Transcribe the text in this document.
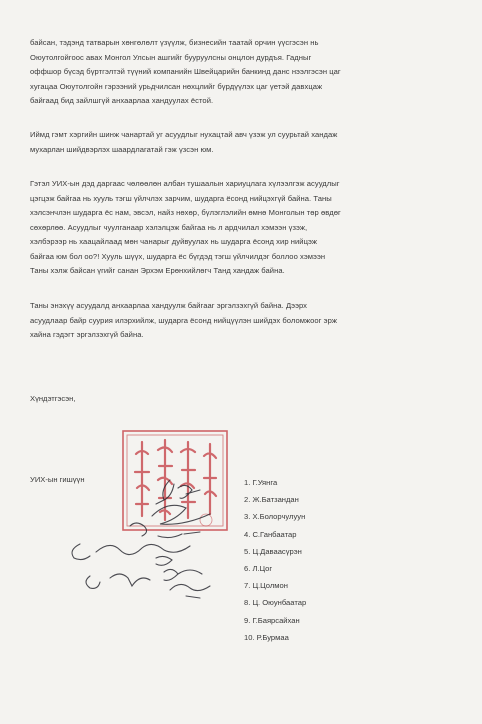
байсан, тэдэнд татварын хөнгөлөлт үзүүлж, бизнесийн таатай орчин үүсгэсэн нь
Оюутолгойгоос авах Монгол Улсын ашгийг бууруулсны онцлон дурдъя. Гадныг
оффшор бүсэд бүртгэлтэй түүний компанийн Швейцарийн банкинд данс нээлгэсэн цаг
хугацаа Оюутолгойн гэрээний урьдчилсан нөхцлийг бүрдүүлэх цаг үетэй давхцаж
байгаад бид зайлшгүй анхаарлаа хандуулах ёстой.
Иймд гэмт хэргийн шинж чанартай уг асуудлыг нухацтай авч үзэж ул суурьтай хандаж
мухарлан шийдвэрлэх шаардлагатай гэж үзсэн юм.
Гэтэл УИХ-ын дэд даргаас чөлөөлөн албан тушаалын хариуцлага хүлээлгэж асуудлыг
цэгцэж байгаа нь хууль тэгш үйлчлэх зарчим, шударга ёсонд нийцэхгүй байна. Таны
хэлсэнчлэн шударга ёс нам, эвсэл, найз нөхөр, бүлэглэлийн өмнө Монголын төр өвдөг
сөхөрлөө. Асуудлыг чуулганаар хэлэлцэж байгаа нь л ардчилал хэмээн үзэж,
хэлбэрээр нь хаацайлаад мөн чанарыг дуйвуулах нь шударга ёсонд хир нийцэж
байгаа юм бол оо?! Хууль шүүх, шударга ёс бүгдэд тэгш үйлчилдэг боллоо хэмээн
Таны хэлж байсан үгийг санан Эрхэм Ерөнхийлөгч Танд хандаж байна.
Таны энэхүү асуудалд анхаарлаа хандуулж байгааг эргэлзэхгүй байна. Дээрх
асуудлаар байр суурия илэрхийлж, шударга ёсонд нийцүүлэн шийдэх боломжоог эрж
хайна гэдэгт эргэлзэхгүй байна.
Хүндэтгэсэн,
УИХ-ын гишүүн	1. Г.Уянга
2. Ж.Батзандан
3. Х.Болорчулуун
4. С.Ганбаатар
5. Ц.Даваасүрэн
6. Л.Цог
7. Ц.Цолмон
8. Ц. Оюунбаатар
9. Г.Баярсайхан
10. Р.Бурмаа
